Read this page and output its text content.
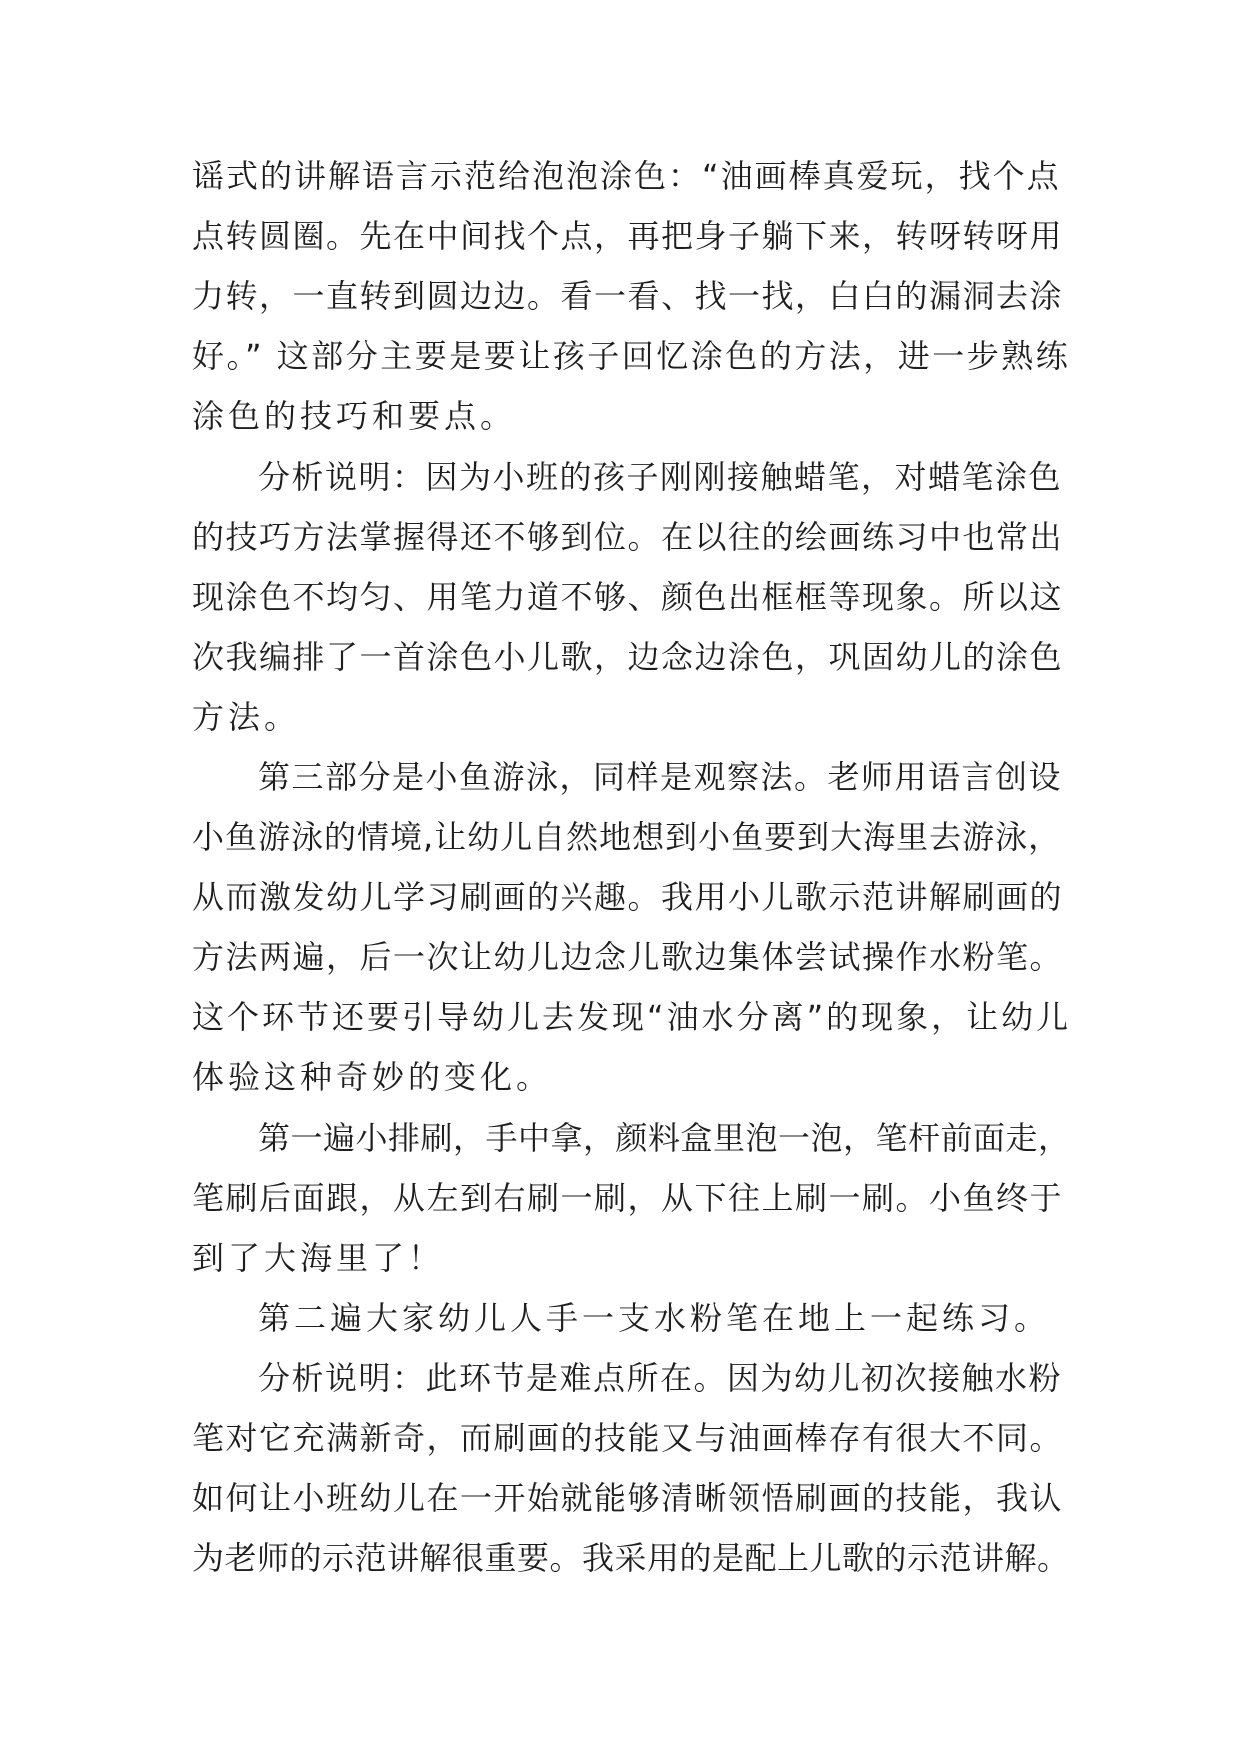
谣式的讲解语言示范给泡泡涂色：“油画棒真爱玩，找个点
点转圆圈。先在中间找个点，再把身子躺下来，转呀转呀用
力转，一直转到圆边边。看一看、找一找，白白的漏洞去涂
好。” 这部分主要是要让孩子回忆涂色的方法，进一步熟练
涂色的技巧和要点。
分析说明：因为小班的孩子刚刚接触蜡笔，对蜡笔涂色
的技巧方法掌握得还不够到位。在以往的绘画练习中也常出
现涂色不均匀、用笔力道不够、颜色出框框等现象。所以这
次我编排了一首涂色小儿歌，边念边涂色，巩固幼儿的涂色
方法。
第三部分是小鱼游泳，同样是观察法。老师用语言创设
小鱼游泳的情境,让幼儿自然地想到小鱼要到大海里去游泳，
从而激发幼儿学习刷画的兴趣。我用小儿歌示范讲解刷画的
方法两遍，后一次让幼儿边念儿歌边集体尝试操作水粉笔。
这个环节还要引导幼儿去发现“油水分离”的现象，让幼儿
体验这种奇妙的变化。
第一遍小排刷，手中拿，颜料盒里泡一泡，笔杆前面走，
笔刷后面跟，从左到右刷一刷，从下往上刷一刷。小鱼终于
到了大海里了！
第二遍大家幼儿人手一支水粉笔在地上一起练习。
分析说明：此环节是难点所在。因为幼儿初次接触水粉
笔对它充满新奇，而刷画的技能又与油画棒存有很大不同。
如何让小班幼儿在一开始就能够清晰领悟刷画的技能，我认
为老师的示范讲解很重要。我采用的是配上儿歌的示范讲解。
